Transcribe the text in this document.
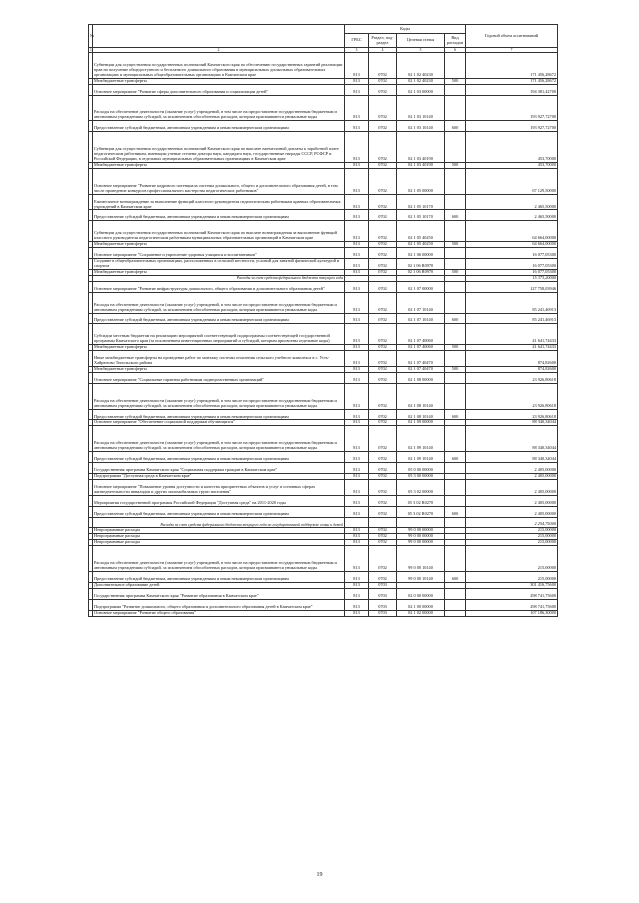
№		Коды				Годовой объем ассигнований
		ГРБС	Раздел, под-раздел	Целевая статья	Вид расходов	
1	2	3	4	5	6	7
	Субвенции для осуществления государственных полномочий Камчатского края по обеспечению государственных гарантий реализации прав на получение общедоступного и бесплатного дошкольного образования в муниципальных дошкольных образовательных организациях и муниципальных общеобразовательных организациях в Камчатском крае	813	0702	02 1 02 40230		171 456,28672
	Межбюджетные трансферты	813	0702	02 1 02 40230	500	171 456,28672
	Основное мероприятие "Развитие сферы дополнительного образования и социализации детей"	813	0702	02 1 03 00000		194 381,42700
	Расходы на обеспечение деятельности (оказание услуг) учреждений, в том числе на предоставление государственным бюджетным и автономным учреждениям субсидий, за исключением обособленных расходов, которым присваиваются уникальные коды	813	0702	02 1 03 10140		193 927,72700
	Предоставление субсидий бюджетным, автономным учреждениям и иным некоммерческим организациям	813	0702	02 1 03 10140	600	193 927,72700
	Субвенции для осуществления государственных полномочий Камчатского края по выплате ежемесячной доплаты к заработной плате педагогическим работникам, имеющим ученые степени доктора наук, кандидата наук, государственные награды СССР, РСФСР и Российской Федерации, в отдельных муниципальных образовательных организациях в Камчатском крае	813	0702	02 1 03 40190		453,70000
	Межбюджетные трансферты	813	0702	02 1 03 40190	500	453,70000
	Основное мероприятие "Развитие кадрового потенциала системы дошкольного, общего и дополнительного образования детей, в том числе проведение конкурсов профессионального мастерства педагогических работников"	813	0702	02 1 05 00000		67 129,50000
	Ежемесячное вознаграждение за выполнение функций классного руководителя педагогическим работникам краевых образовательных учреждений в Камчатском крае	813	0702	02 1 05 10170		2 465,50000
	Предоставление субсидий бюджетным, автономным учреждениям и иным некоммерческим организациям	813	0702	02 1 05 10170	600	2 465,50000
	Субвенции для осуществления государственных полномочий Камчатского края по выплате вознаграждения за выполнение функций классного руководителя педагогическим работникам муниципальных образовательных организаций в Камчатском крае	813	0702	02 1 05 40250		64 664,00000
	Межбюджетные трансферты	813	0702	02 1 05 40250	500	64 664,00000
	Основное мероприятие "Сохранение и укрепление здоровья учащихся и воспитанников"	813	0702	02 1 06 00000		16 077,05300
	Создание в общеобразовательных организациях, расположенных в сельской местности, условий для занятий физической культурой и спортом	813	0702	02 1 06 R0970		16 077,05300
	Межбюджетные трансферты	813	0702	02 1 06 R0970	500	16 077,05300
	Расходы за счет средств федерального бюджета текущего года					15 373,20000
	Основное мероприятие "Развитие инфраструктуры дошкольного, общего образования и дополнительного образования детей"	813	0702	02 1 07 00000		127 758,03946
	Расходы на обеспечение деятельности (оказание услуг) учреждений, в том числе на предоставление государственным бюджетным и автономным учреждениям субсидий, за исключением обособленных расходов, которым присваиваются уникальные коды	813	0702	02 1 07 10140		85 241,46913
	Предоставление субсидий бюджетным, автономным учреждениям и иным некоммерческим организациям	813	0702	02 1 07 10140	600	85 241,46913
	Субсидии местным бюджетам на реализацию мероприятий соответствующей подпрограммы соответствующей государственной программы Камчатского края (за исключением инвестиционных мероприятий и субсидий, которым присвоены отдельные коды)	813	0702	02 1 07 40060		41 641,74433
	Межбюджетные трансферты	813	0702	02 1 07 40060	500	41 641,74433
	Иные межбюджетные трансферты на проведение работ по монтажу системы отопления сельского учебного комплекса в с. Усть-Хайрюзово Тигильского района	813	0702	02 1 07 40470		874,82600
	Межбюджетные трансферты	813	0702	02 1 07 40470	500	874,82600
	Основное мероприятие "Социальные гарантии работникам подведомственных организаций"	813	0702	02 1 08 00000		23 926,80618
	Расходы на обеспечение деятельности (оказание услуг) учреждений, в том числе на предоставление государственным бюджетным и автономным учреждениям субсидий, за исключением обособленных расходов, которым присваиваются уникальные коды	813	0702	02 1 08 10140		23 926,80618
	Предоставление субсидий бюджетным, автономным учреждениям и иным некоммерческим организациям	813	0702	02 1 08 10140	600	23 926,80618
	Основное мероприятие "Обеспечение социальной поддержки обучающихся"	813	0702	02 1 09 00000		88 340,34044
	Расходы на обеспечение деятельности (оказание услуг) учреждений, в том числе на предоставление государственным бюджетным и автономным учреждениям субсидий, за исключением обособленных расходов, которым присваиваются уникальные коды	813	0702	02 1 09 10140		88 340,34044
	Предоставление субсидий бюджетным, автономным учреждениям и иным некоммерческим организациям	813	0702	02 1 09 10140	600	88 340,34044
	Государственная программа Камчатского края "Социальная поддержка граждан в Камчатском крае"	813	0702	05 0 00 00000		2 405,00000
	Подпрограмма "Доступная среда в Камчатском крае"	813	0702	05 3 00 00000		2 405,00000
	Основное мероприятие "Повышение уровня доступности и качества приоритетных объектов и услуг в основных сферах жизнедеятельности инвалидов и других маломобильных групп населения"	813	0702	05 3 02 00000		2 405,00000
	Мероприятия государственной программы Российской Федерации "Доступная среда" на 2011-2020 годы	813	0702	05 3 02 R0270		2 405,00000
	Предоставление субсидий бюджетным, автономным учреждениям и иным некоммерческим организациям	813	0702	05 3 02 R0270	600	2 405,00000
	Расходы за счет средств федерального бюджета текущего года по государственной поддержке семьи и детей					2 254,75000
	Непрограммные расходы	813	0702	99 0 00 00000		215,00000
	Непрограммные расходы	813	0702	99 0 00 00000		215,00000
	Непрограммные расходы	813	0702	99 0 00 00000		215,00000
	Расходы на обеспечение деятельности (оказание услуг) учреждений, в том числе на предоставление государственным бюджетным и автономным учреждениям субсидий, за исключением обособленных расходов, которым присваиваются уникальные коды	813	0702	99 0 00 10140		215,00000
	Предоставление субсидий бюджетным, автономным учреждениям и иным некоммерческим организациям	813	0702	99 0 00 10140	600	215,00000
	Дополнительное образование детей	813	0703			301 416,75600
	Государственная программа Камчатского края "Развитие образования в Камчатском крае"	813	0703	02 0 00 00000		298 741,75600
	Подпрограмма "Развитие дошкольного, общего образования и дополнительного образования детей в Камчатском крае"	813	0703	02 1 00 00000		298 741,75600
	Основное мероприятие "Развитие общего образования"	813	0703	02 1 02 00000		107 186,30000
19
